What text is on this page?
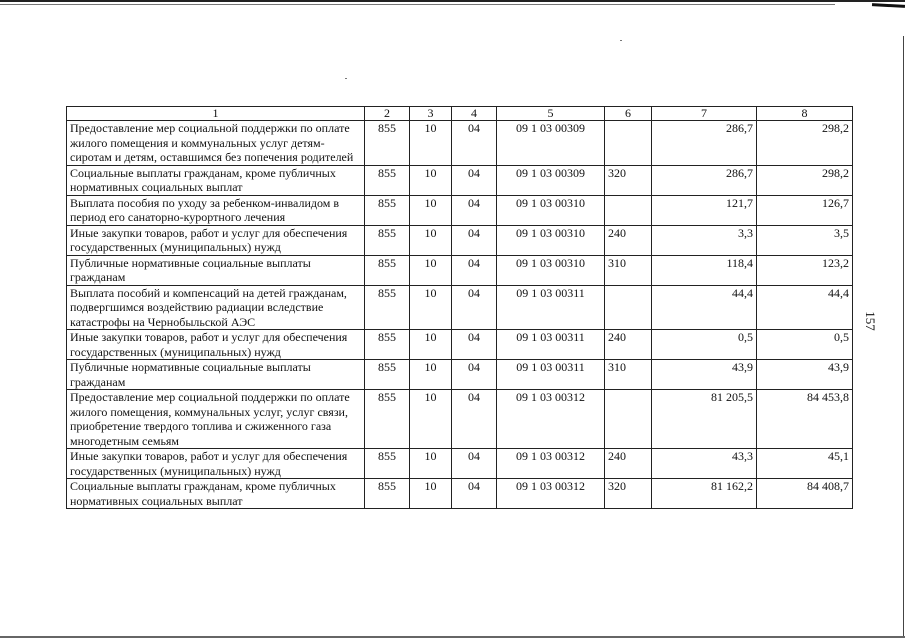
157
1	2	3	4	5	6	7	8
Предоставление мер социальной поддержки по оплате жилого помещения и коммунальных услуг детям-сиротам и детям, оставшимся без попечения родителей	855	10	04	09 1 03 00309		286,7	298,2
Социальные выплаты гражданам, кроме публичных нормативных социальных выплат	855	10	04	09 1 03 00309	320	286,7	298,2
Выплата пособия по уходу за ребенком-инвалидом в период его санаторно-курортного лечения	855	10	04	09 1 03 00310		121,7	126,7
Иные закупки товаров, работ и услуг для обеспечения государственных (муниципальных) нужд	855	10	04	09 1 03 00310	240	3,3	3,5
Публичные нормативные социальные выплаты гражданам	855	10	04	09 1 03 00310	310	118,4	123,2
Выплата пособий и компенсаций на детей гражданам, подвергшимся воздействию радиации вследствие катастрофы на Чернобыльской АЭС	855	10	04	09 1 03 00311		44,4	44,4
Иные закупки товаров, работ и услуг для обеспечения государственных (муниципальных) нужд	855	10	04	09 1 03 00311	240	0,5	0,5
Публичные нормативные социальные выплаты гражданам	855	10	04	09 1 03 00311	310	43,9	43,9
Предоставление мер социальной поддержки по оплате жилого помещения, коммунальных услуг, услуг связи, приобретение твердого топлива и сжиженного газа многодетным семьям	855	10	04	09 1 03 00312		81 205,5	84 453,8
Иные закупки товаров, работ и услуг для обеспечения государственных (муниципальных) нужд	855	10	04	09 1 03 00312	240	43,3	45,1
Социальные выплаты гражданам, кроме публичных нормативных социальных выплат	855	10	04	09 1 03 00312	320	81 162,2	84 408,7
